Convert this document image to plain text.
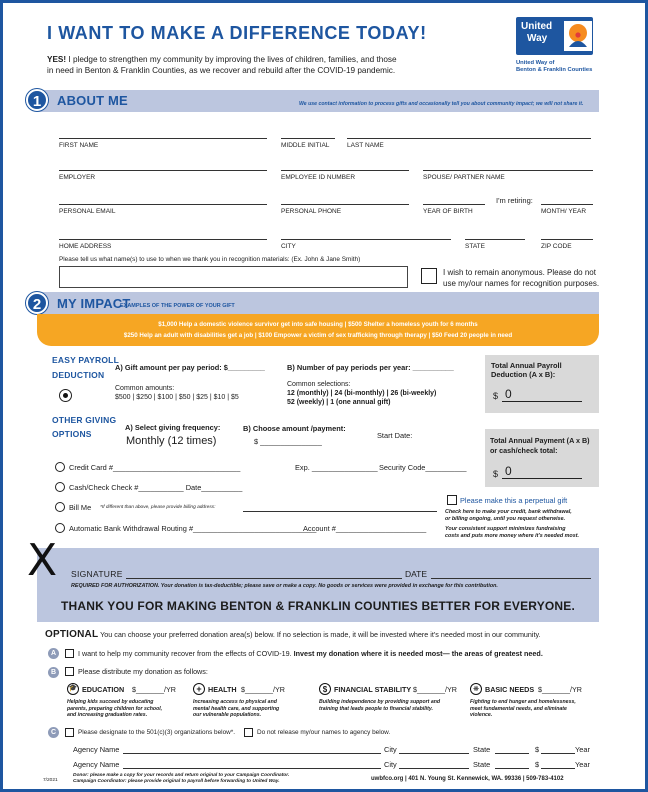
I WANT TO MAKE A DIFFERENCE TODAY!
YES! I pledge to strengthen my community by improving the lives of children, families, and those
in need in Benton & Franklin Counties, as we recover and rebuild after the COVID-19 pandemic.
United
Way
United Way of
Benton & Franklin Counties
1	ABOUT ME	We use contact information to process gifts and occasionally tell you about community impact; we will not share it.
FIRST NAME	MIDDLE INITIAL	LAST NAME
EMPLOYER	EMPLOYEE ID NUMBER	SPOUSE/ PARTNER NAME
PERSONAL EMAIL	PERSONAL PHONE	YEAR OF BIRTH
I'm retiring:
MONTH/ YEAR
HOME ADDRESS	CITY	STATE	ZIP CODE
Please tell us what name(s) to use to when we thank you in recognition materials: (Ex. John & Jane Smith)
I wish to remain anonymous. Please do not
use my/our names for recognition purposes.
2	MY IMPACT
EXAMPLES OF THE POWER OF YOUR GIFT
$1,000 Help a domestic violence survivor get into safe housing | $500 Shelter a homeless youth for 6 months
$250 Help an adult with disabilities get a job | $100 Empower a victim of sex trafficking through therapy | $50 Feed 20 people in need
EASY PAYROLL
DEDUCTION
A) Gift amount per pay period: $_________
Common amounts:
$500 | $250 | $100 | $50 | $25 | $10 | $5
B) Number of pay periods per year: __________
Common selections:
12 (monthly) | 24 (bi-monthly) | 26 (bi-weekly)
52 (weekly) | 1 (one annual gift)
Total Annual Payroll
Deduction (A x B):
$ 0
OTHER GIVING
OPTIONS
A) Select giving frequency:
Monthly (12 times)
B) Choose amount /payment:
$ _______________
Start Date:
Total Annual Payment (A x B)
or cash/check total:
$ 0
Credit Card #_______________________________	Exp. ________________ Security Code__________
Cash/Check Check #___________ Date__________
Bill Me *If different than above, please provide billing address:
Automatic Bank Withdrawal Routing #______________________________
Account #______________________
Please make this a perpetual gift
Check here to make your credit, bank withdrawal,
or billing ongoing, until you request otherwise.
Your consistent support minimizes fundraising
costs and puts more money where it's needed most.
X SIGNATURE	DATE
REQUIRED FOR AUTHORIZATION. Your donation is tax-deductible; please save or make a copy. No goods or services were provided in exchange for this contribution.
THANK YOU FOR MAKING BENTON & FRANKLIN COUNTIES BETTER FOR EVERYONE.
OPTIONAL You can choose your preferred donation area(s) below. If no selection is made, it will be invested where it's needed most in our community.
A	I want to help my community recover from the effects of COVID-19. Invest my donation where it is needed most— the areas of greatest need.
B	Please distribute my donation as follows:
🎓 EDUCATION $_______/YR
Helping kids succeed by educating
parents, preparing children for school,
and increasing graduation rates.
+ HEALTH $_______/YR
Increasing access to physical and
mental health care, and supporting
our vulnerable populations.
$ FINANCIAL STABILITY $_______/YR
Building independence by providing support and
training that leads people to financial stability.
❋ BASIC NEEDS $_______/YR
Fighting to end hunger and homelessness,
meet fundamental needs, and eliminate
violence.
C	Please designate to the 501(c)(3) organizations below*.	Do not release my/our names to agency below.
Agency Name	City	State	$	Year
Agency Name	City	State	$	Year
7/2021
Donor: please make a copy for your records and return original to your Campaign Coordinator.
Campaign Coordinator: please provide original to payroll before forwarding to United Way.	uwbfco.org | 401 N. Young St. Kennewick, WA. 99336 | 509-783-4102
